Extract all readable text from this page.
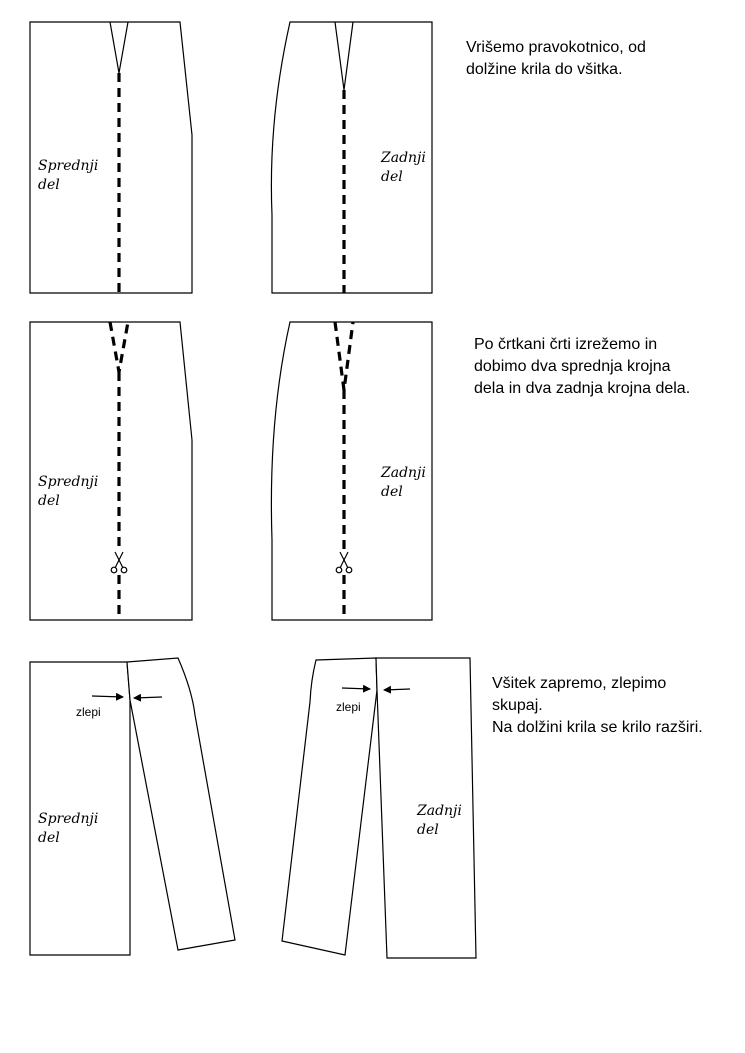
Sprednji
del
Zadnji
del
Sprednji
del
Zadnji
del
zlepi
Sprednji
del
zlepi
Zadnji
del
Vrišemo pravokotnico, od
dolžine krila do všitka.
Po črtkani črti izrežemo in
dobimo dva sprednja krojna
dela in dva zadnja krojna dela.
Všitek zapremo, zlepimo
skupaj.
Na dolžini krila se krilo razširi.
